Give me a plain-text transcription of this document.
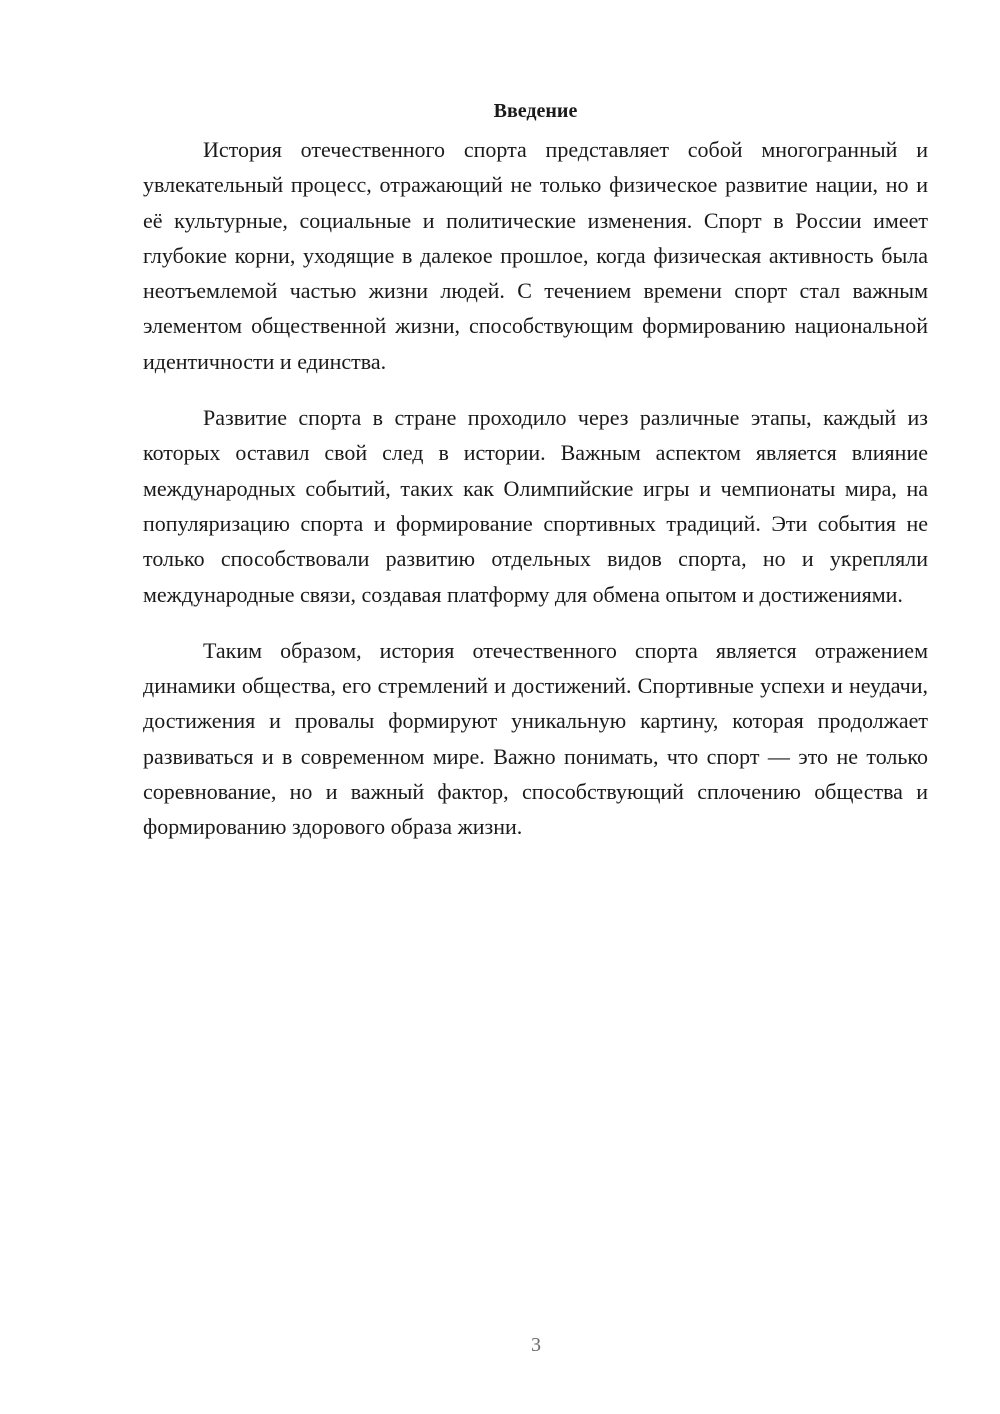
Введение

История отечественного спорта представляет собой многогранный и увлекательный процесс, отражающий не только физическое развитие нации, но и её культурные, социальные и политические изменения. Спорт в России имеет глубокие корни, уходящие в далекое прошлое, когда физическая активность была неотъемлемой частью жизни людей. С течением времени спорт стал важным элементом общественной жизни, способствующим формированию национальной идентичности и единства.

Развитие спорта в стране проходило через различные этапы, каждый из которых оставил свой след в истории. Важным аспектом является влияние международных событий, таких как Олимпийские игры и чемпионаты мира, на популяризацию спорта и формирование спортивных традиций. Эти события не только способствовали развитию отдельных видов спорта, но и укрепляли международные связи, создавая платформу для обмена опытом и достижениями.

Таким образом, история отечественного спорта является отражением динамики общества, его стремлений и достижений. Спортивные успехи и неудачи, достижения и провалы формируют уникальную картину, которая продолжает развиваться и в современном мире. Важно понимать, что спорт — это не только соревнование, но и важный фактор, способствующий сплочению общества и формированию здорового образа жизни.

3
